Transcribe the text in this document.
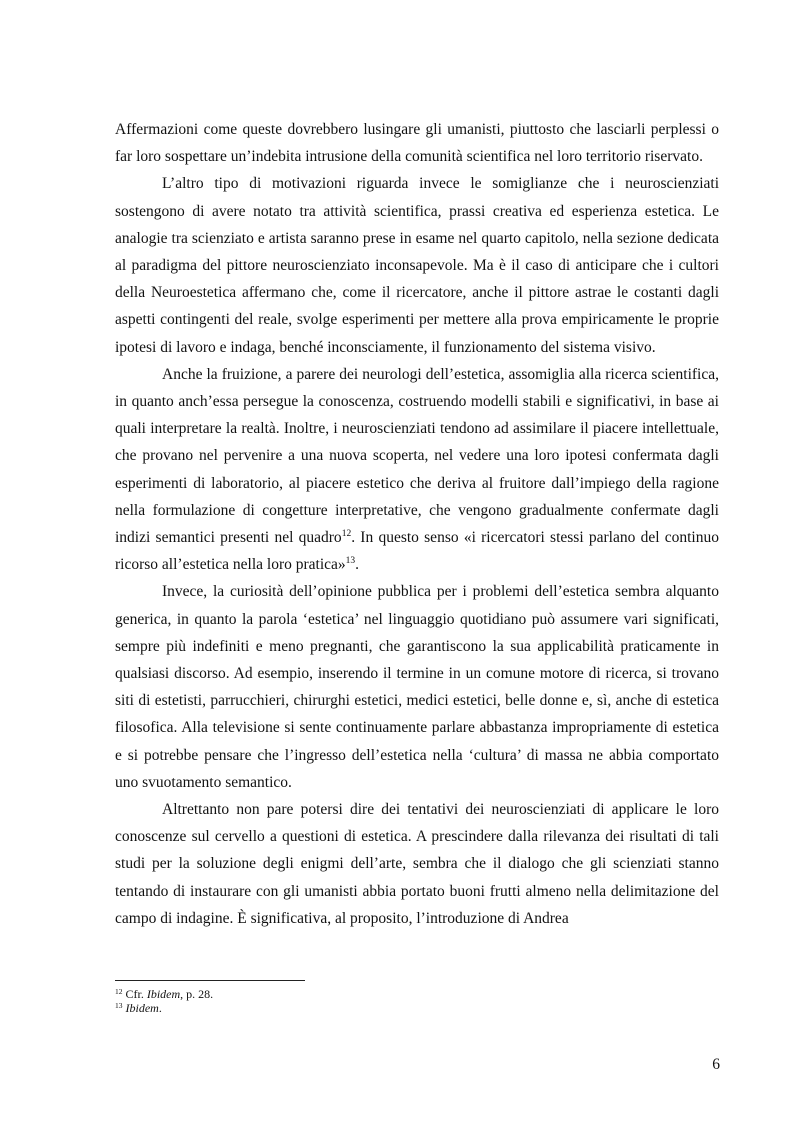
Affermazioni come queste dovrebbero lusingare gli umanisti, piuttosto che lasciarli perplessi o far loro sospettare un’indebita intrusione della comunità scientifica nel loro territorio riservato.

L’altro tipo di motivazioni riguarda invece le somiglianze che i neuroscienziati sostengono di avere notato tra attività scientifica, prassi creativa ed esperienza estetica. Le analogie tra scienziato e artista saranno prese in esame nel quarto capitolo, nella sezione dedicata al paradigma del pittore neuroscienziato inconsapevole. Ma è il caso di anticipare che i cultori della Neuroestetica affermano che, come il ricercatore, anche il pittore astrae le costanti dagli aspetti contingenti del reale, svolge esperimenti per mettere alla prova empiricamente le proprie ipotesi di lavoro e indaga, benché inconsciamente, il funzionamento del sistema visivo.

Anche la fruizione, a parere dei neurologi dell’estetica, assomiglia alla ricerca scientifica, in quanto anch’essa persegue la conoscenza, costruendo modelli stabili e significativi, in base ai quali interpretare la realtà. Inoltre, i neuroscienziati tendono ad assimilare il piacere intellettuale, che provano nel pervenire a una nuova scoperta, nel vedere una loro ipotesi confermata dagli esperimenti di laboratorio, al piacere estetico che deriva al fruitore dall’impiego della ragione nella formulazione di congetture interpretative, che vengono gradualmente confermate dagli indizi semantici presenti nel quadro$^{12}$. In questo senso «i ricercatori stessi parlano del continuo ricorso all’estetica nella loro pratica»$^{13}$.

Invece, la curiosità dell’opinione pubblica per i problemi dell’estetica sembra alquanto generica, in quanto la parola ‘estetica’ nel linguaggio quotidiano può assumere vari significati, sempre più indefiniti e meno pregnanti, che garantiscono la sua applicabilità praticamente in qualsiasi discorso. Ad esempio, inserendo il termine in un comune motore di ricerca, si trovano siti di estetisti, parrucchieri, chirurghi estetici, medici estetici, belle donne e, sì, anche di estetica filosofica. Alla televisione si sente continuamente parlare abbastanza impropriamente di estetica e si potrebbe pensare che l’ingresso dell’estetica nella ‘cultura’ di massa ne abbia comportato uno svuotamento semantico.

Altrettanto non pare potersi dire dei tentativi dei neuroscienziati di applicare le loro conoscenze sul cervello a questioni di estetica. A prescindere dalla rilevanza dei risultati di tali studi per la soluzione degli enigmi dell’arte, sembra che il dialogo che gli scienziati stanno tentando di instaurare con gli umanisti abbia portato buoni frutti almeno nella delimitazione del campo di indagine. È significativa, al proposito, l’introduzione di Andrea

$^{12}$ Cfr. Ibidem, p. 28.

$^{13}$ Ibidem.

6
